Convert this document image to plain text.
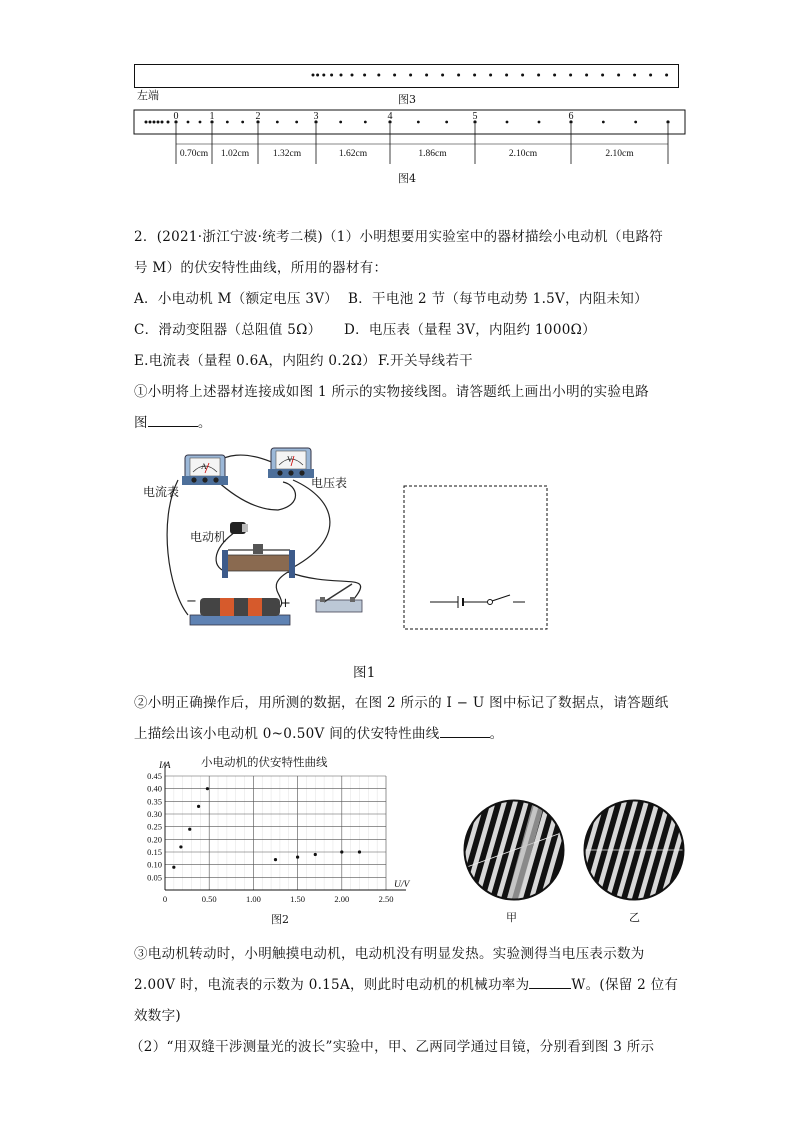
左端	图3
0	1	2	3	4	5	6
0.70cm 1.02cm	1.32cm	1.62cm	1.86cm	2.10cm	2.10cm
图4
2．(2021·浙江宁波·统考二模)（1）小明想要用实验室中的器材描绘小电动机（电路符
号 M）的伏安特性曲线，所用的器材有：
A．小电动机 M（额定电压 3V） B．干电池 2 节（每节电动势 1.5V，内阻未知）
C．滑动变阻器（总阻值 5Ω） D．电压表（量程 3V，内阻约 1000Ω）
E.电流表（量程 0.6A，内阻约 0.2Ω） F.开关导线若干
①小明将上述器材连接成如图 1 所示的实物接线图。请答题纸上画出小明的实验电路
图	。
电流表
电压表
电动机
A
V
−	+
图1
②小明正确操作后，用所测的数据，在图 2 所示的 I − U 图中标记了数据点，请答题纸
上描绘出该小电动机 0~0.50V 间的伏安特性曲线	。
0.05
0.10
0.15
0.20
0.25
0.30
0.35
0.40
0.45
0	0.50	1.00	1.50	2.00	2.50
I/A
U/V
小电动机的伏安特性曲线
图2	甲	乙
③电动机转动时，小明触摸电动机，电动机没有明显发热。实验测得当电压表示数为
2.00V 时，电流表的示数为 0.15A，则此时电动机的机械功率为	W。(保留 2 位有
效数字)
（2）“用双缝干涉测量光的波长”实验中，甲、乙两同学通过目镜，分别看到图 3 所示
